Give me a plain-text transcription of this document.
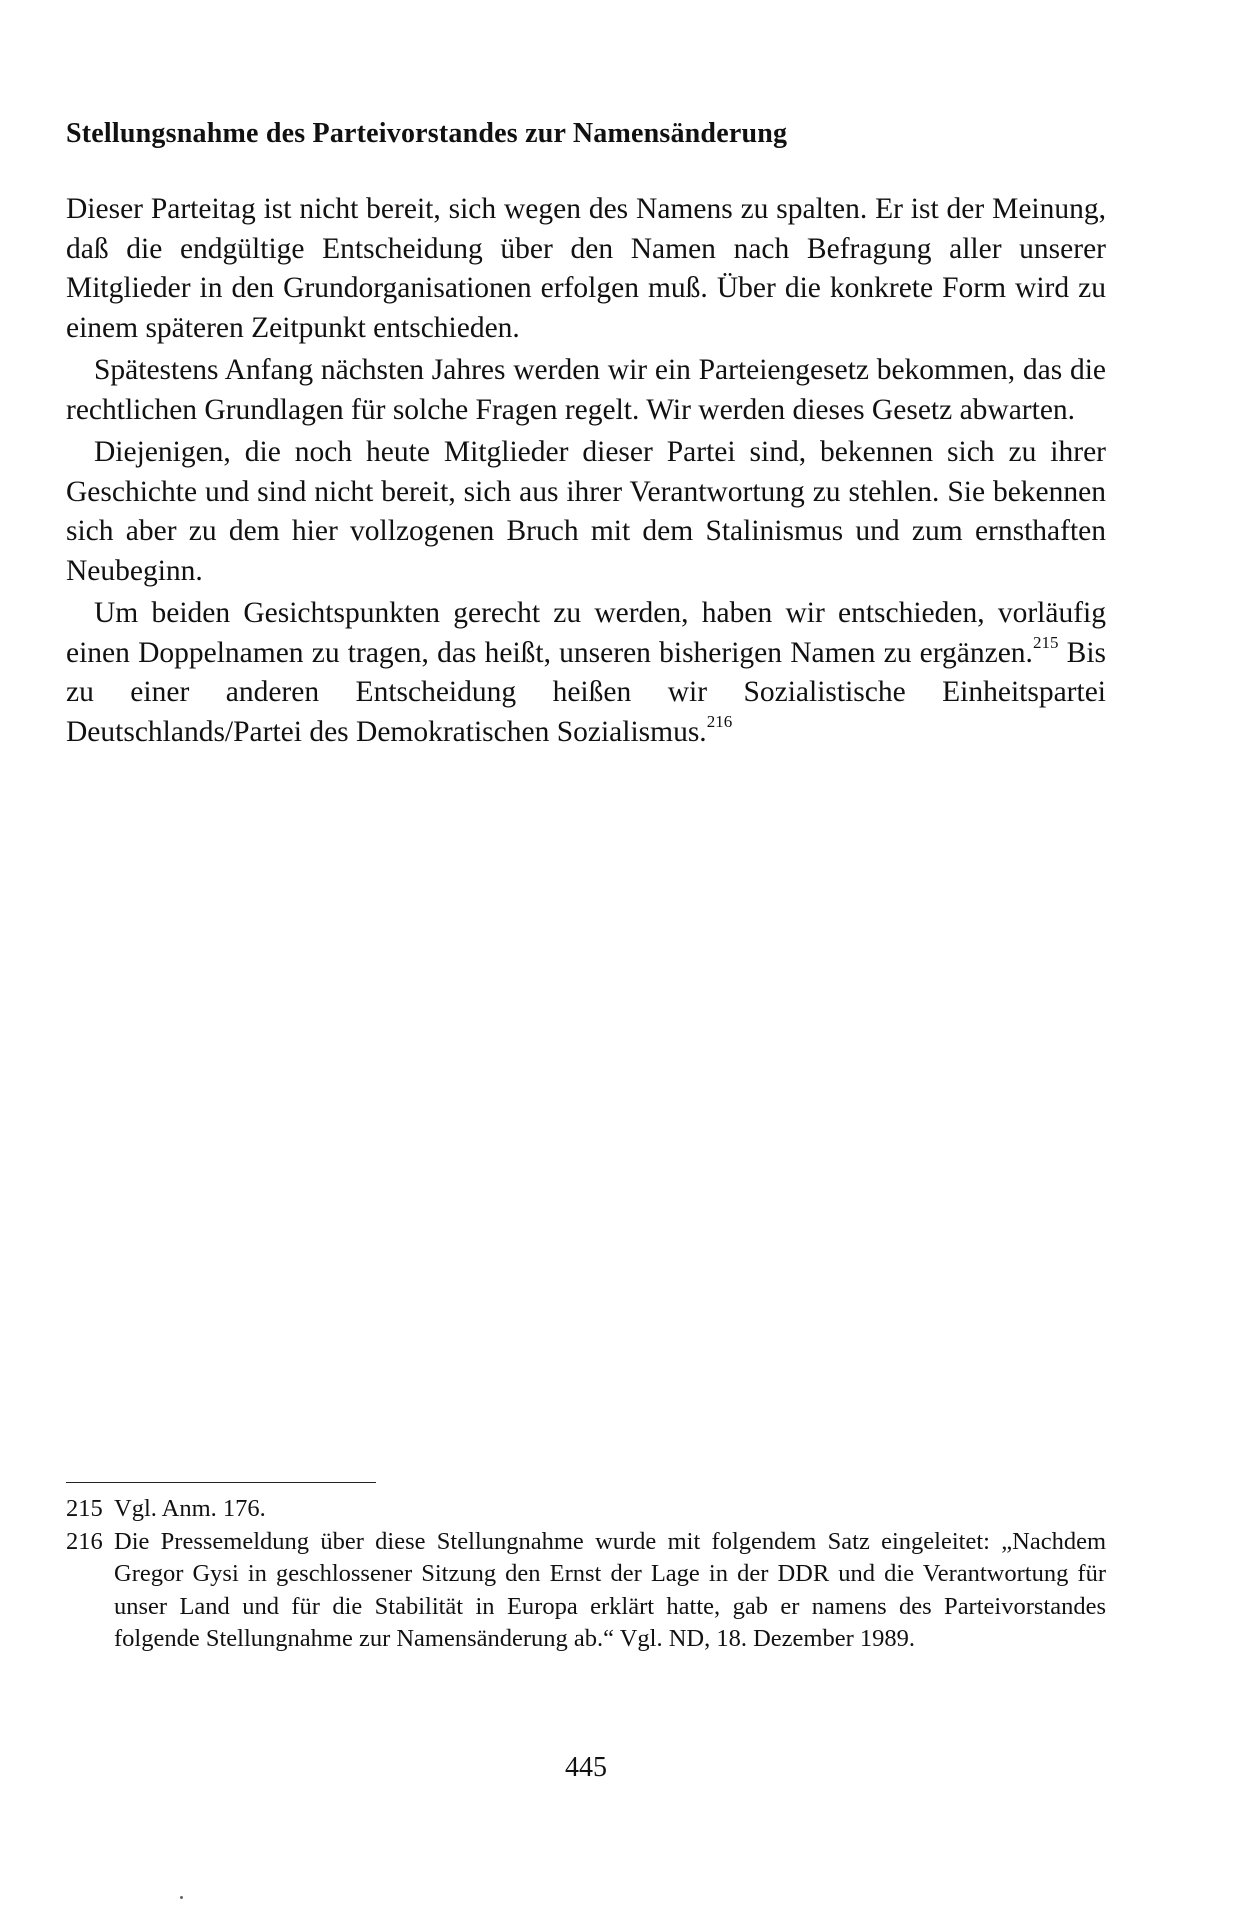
Stellungsnahme des Parteivorstandes zur Namensänderung

Dieser Parteitag ist nicht bereit, sich wegen des Namens zu spalten. Er ist der Meinung, daß die endgültige Entscheidung über den Namen nach Befragung aller unserer Mitglieder in den Grundorganisationen erfolgen muß. Über die konkrete Form wird zu einem späteren Zeitpunkt entschieden.

Spätestens Anfang nächsten Jahres werden wir ein Parteiengesetz bekommen, das die rechtlichen Grundlagen für solche Fragen regelt. Wir werden dieses Gesetz abwarten.

Diejenigen, die noch heute Mitglieder dieser Partei sind, bekennen sich zu ihrer Geschichte und sind nicht bereit, sich aus ihrer Verantwortung zu stehlen. Sie bekennen sich aber zu dem hier vollzogenen Bruch mit dem Stalinismus und zum ernsthaften Neubeginn.

Um beiden Gesichtspunkten gerecht zu werden, haben wir entschieden, vorläufig einen Doppelnamen zu tragen, das heißt, unseren bisherigen Namen zu ergänzen.$^{215}$ Bis zu einer anderen Entscheidung heißen wir Sozialistische Einheitspartei Deutschlands/Partei des Demokratischen Sozialismus.$^{216}$

215 Vgl. Anm. 176.
216 Die Pressemeldung über diese Stellungnahme wurde mit folgendem Satz eingeleitet: „Nachdem Gregor Gysi in geschlossener Sitzung den Ernst der Lage in der DDR und die Verantwortung für unser Land und für die Stabilität in Europa erklärt hatte, gab er namens des Parteivorstandes folgende Stellungnahme zur Namensänderung ab.“ Vgl. ND, 18. Dezember 1989.
445
